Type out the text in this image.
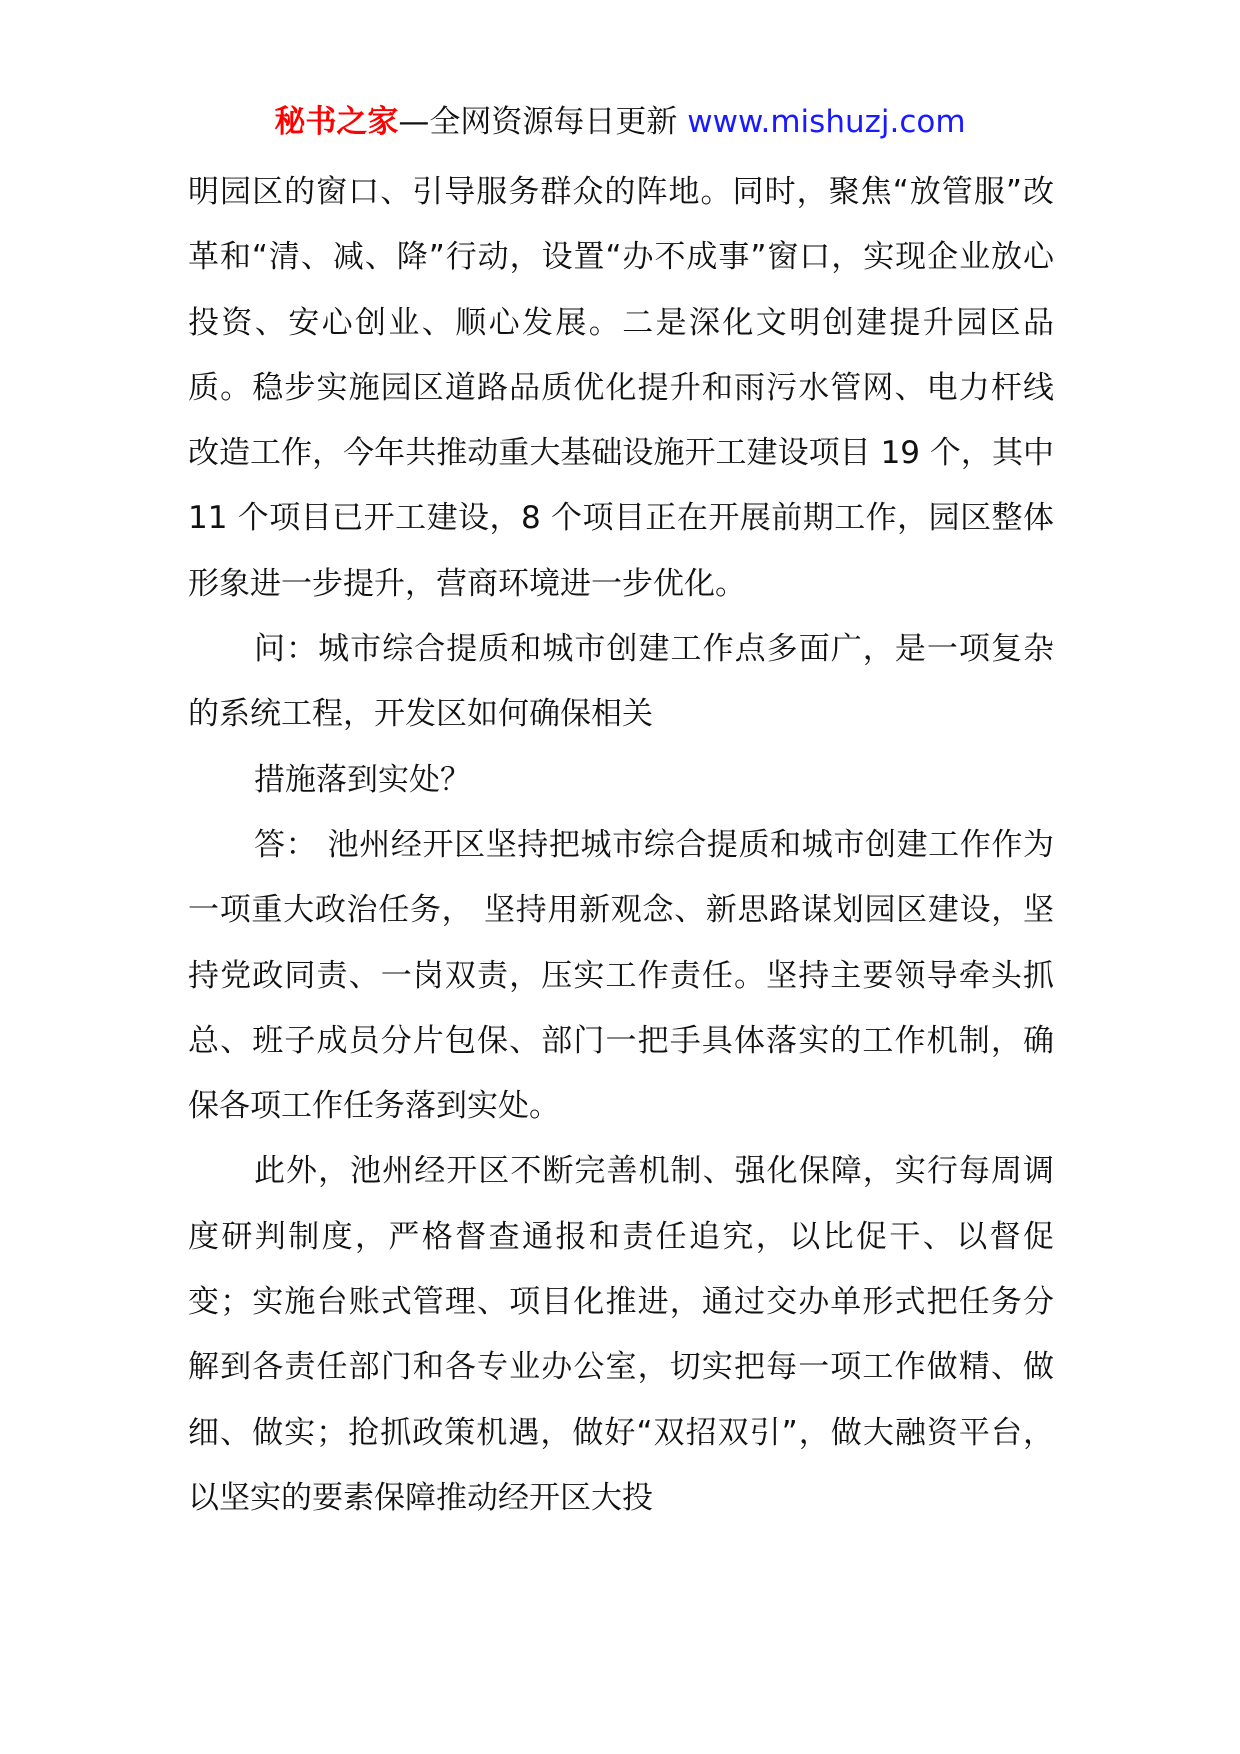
秘书之家—全网资源每日更新 www.mishuzj.com

明园区的窗口、引导服务群众的阵地。同时，聚焦“放管服”改革和“清、减、降”行动，设置“办不成事”窗口，实现企业放心投资、安心创业、顺心发展。二是深化文明创建提升园区品质。稳步实施园区道路品质优化提升和雨污水管网、电力杆线改造工作，今年共推动重大基础设施开工建设项目 19 个，其中 11 个项目已开工建设，8 个项目正在开展前期工作，园区整体形象进一步提升，营商环境进一步优化。

问：城市综合提质和城市创建工作点多面广，是一项复杂的系统工程，开发区如何确保相关

措施落到实处？

答： 池州经开区坚持把城市综合提质和城市创建工作作为一项重大政治任务， 坚持用新观念、新思路谋划园区建设，坚持党政同责、一岗双责，压实工作责任。坚持主要领导牵头抓总、班子成员分片包保、部门一把手具体落实的工作机制，确保各项工作任务落到实处。

此外，池州经开区不断完善机制、强化保障，实行每周调度研判制度，严格督查通报和责任追究，以比促干、以督促变；实施台账式管理、项目化推进，通过交办单形式把任务分解到各责任部门和各专业办公室，切实把每一项工作做精、做细、做实；抢抓政策机遇，做好“双招双引”，做大融资平台，以坚实的要素保障推动经开区大投
